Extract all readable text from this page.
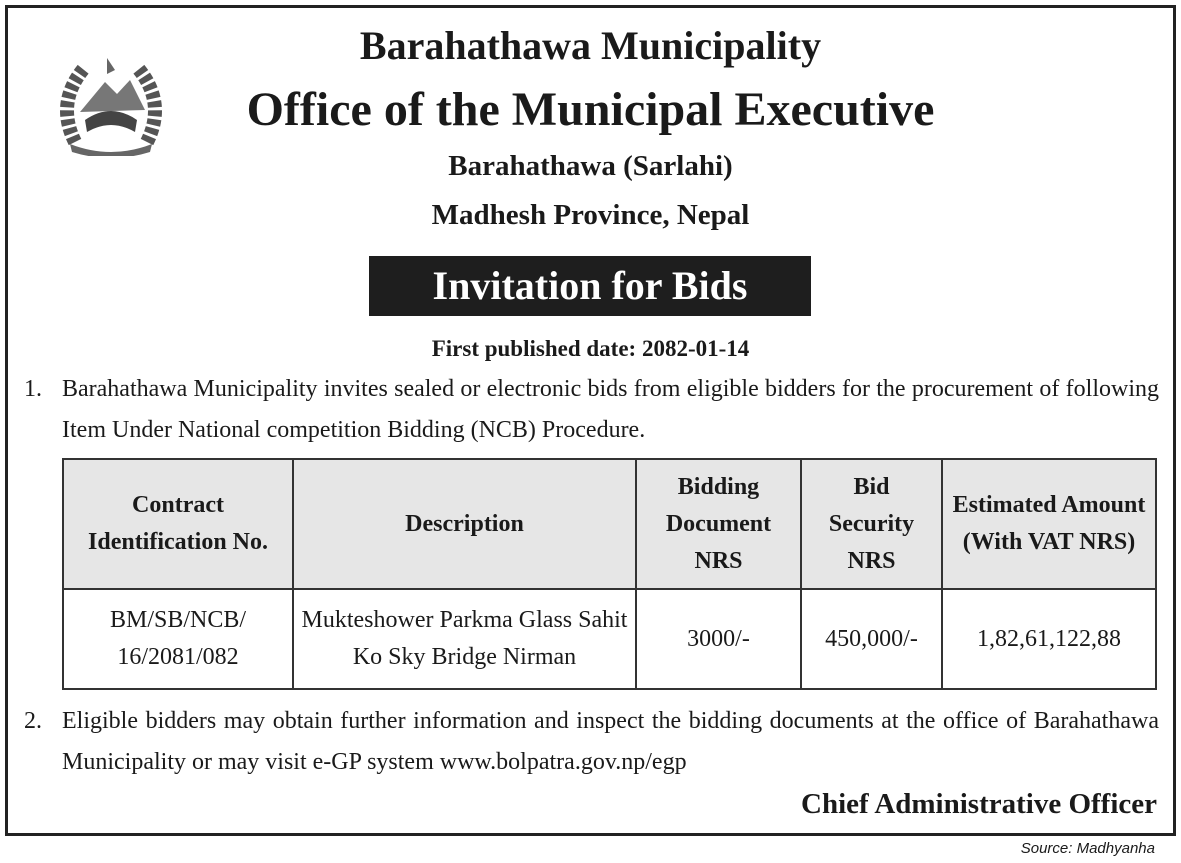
Barahathawa Municipality
Office of the Municipal Executive
Barahathawa (Sarlahi)
Madhesh Province, Nepal
Invitation for Bids
First published date: 2082-01-14
1. Barahathawa Municipality invites sealed or electronic bids from eligible bidders for the procurement of following Item Under National competition Bidding (NCB) Procedure.
Contract Identification No.	Description	Bidding Document NRS	Bid Security NRS	Estimated Amount (With VAT NRS)
BM/SB/NCB/ 16/2081/082	Mukteshower Parkma Glass Sahit Ko Sky Bridge Nirman	3000/-	450,000/-	1,82,61,122,88
2. Eligible bidders may obtain further information and inspect the bidding documents at the office of Barahathawa Municipality or may visit e-GP system www.bolpatra.gov.np/egp
Chief Administrative Officer
Source: Madhyanha
